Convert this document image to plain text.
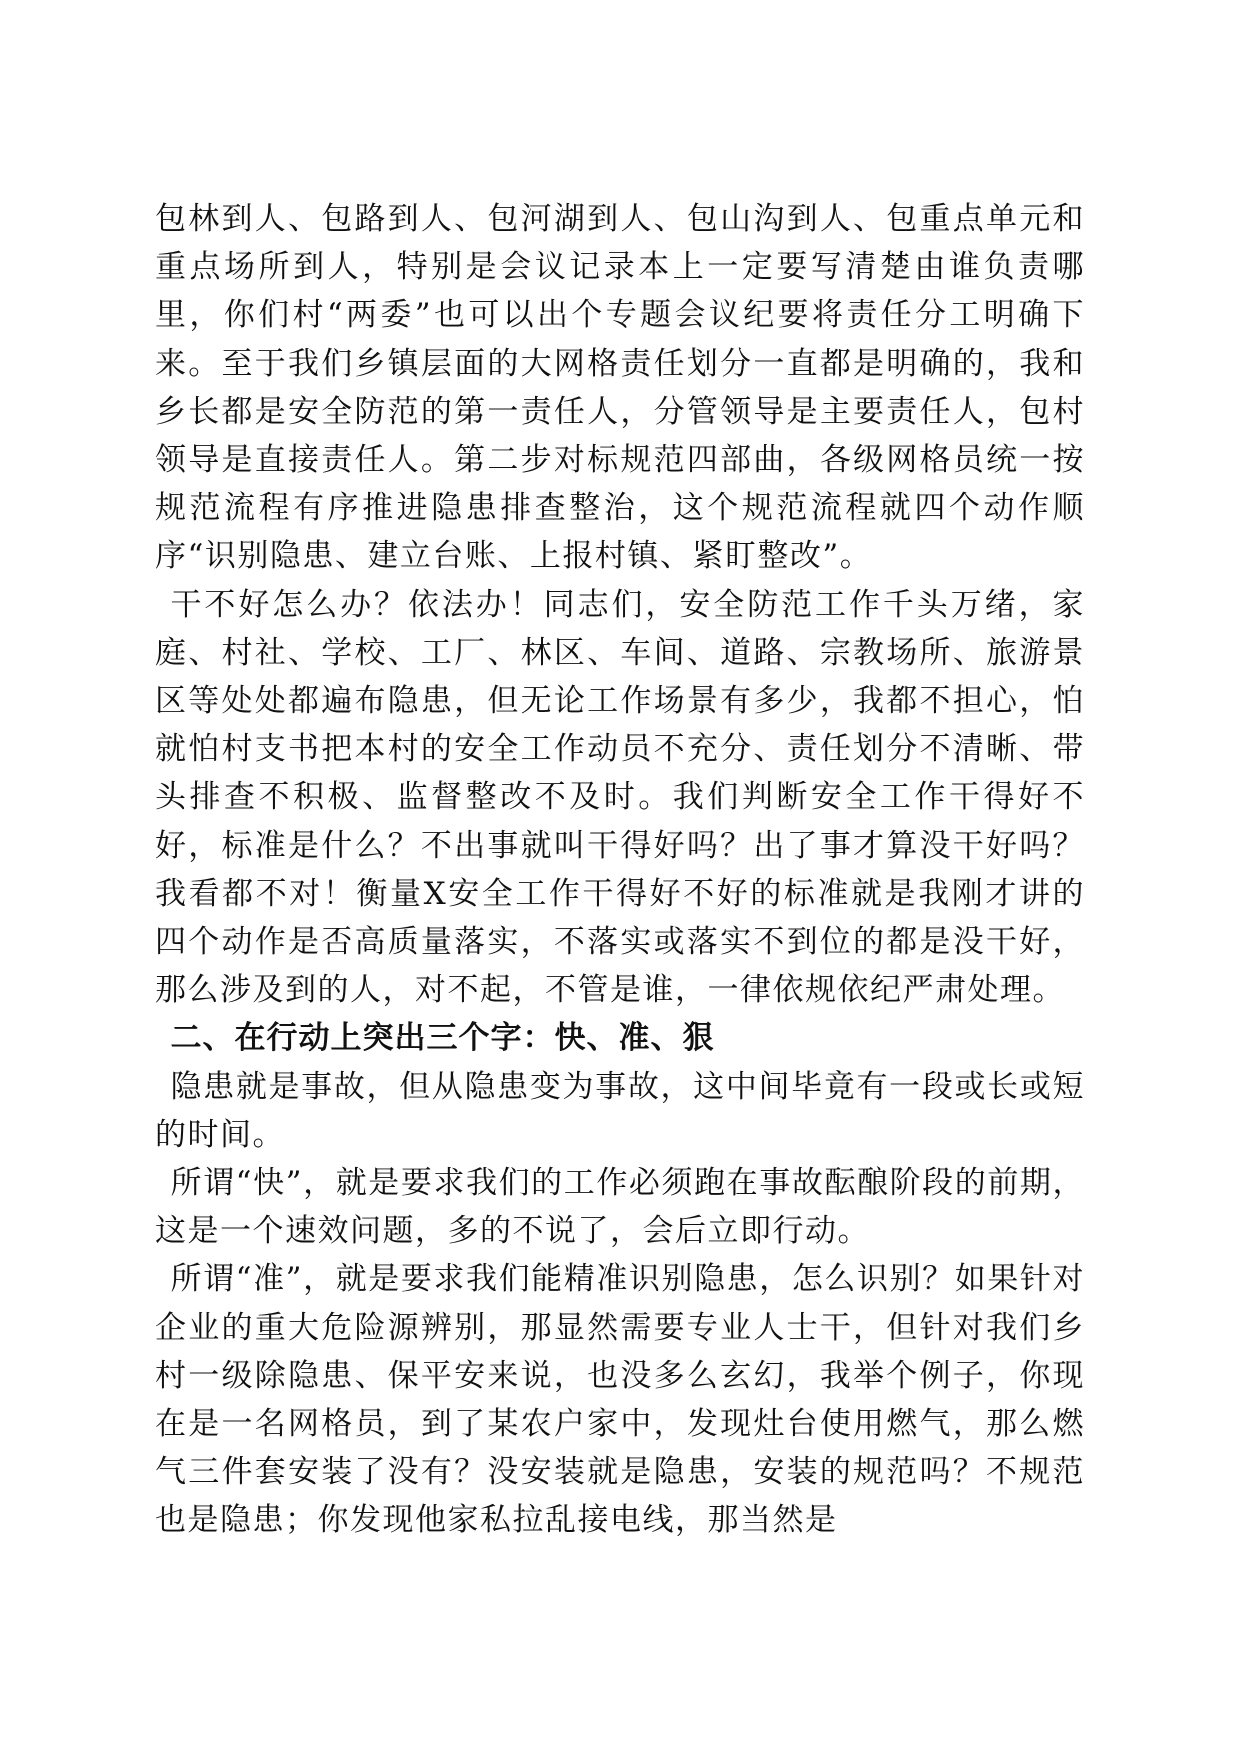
包林到人、包路到人、包河湖到人、包山沟到人、包重点单元和重点场所到人，特别是会议记录本上一定要写清楚由谁负责哪里，你们村“两委”也可以出个专题会议纪要将责任分工明确下来。至于我们乡镇层面的大网格责任划分一直都是明确的，我和乡长都是安全防范的第一责任人，分管领导是主要责任人，包村领导是直接责任人。第二步对标规范四部曲，各级网格员统一按规范流程有序推进隐患排查整治，这个规范流程就四个动作顺序“识别隐患、建立台账、上报村镇、紧盯整改”。

干不好怎么办？依法办！同志们，安全防范工作千头万绪，家庭、村社、学校、工厂、林区、车间、道路、宗教场所、旅游景区等处处都遍布隐患，但无论工作场景有多少，我都不担心，怕就怕村支书把本村的安全工作动员不充分、责任划分不清晰、带头排查不积极、监督整改不及时。我们判断安全工作干得好不好，标准是什么？不出事就叫干得好吗？出了事才算没干好吗？我看都不对！衡量X安全工作干得好不好的标准就是我刚才讲的四个动作是否高质量落实，不落实或落实不到位的都是没干好，那么涉及到的人，对不起，不管是谁，一律依规依纪严肃处理。

二、在行动上突出三个字：快、准、狠

隐患就是事故，但从隐患变为事故，这中间毕竟有一段或长或短的时间。

所谓“快”，就是要求我们的工作必须跑在事故酝酿阶段的前期，这是一个速效问题，多的不说了，会后立即行动。

所谓“准”，就是要求我们能精准识别隐患，怎么识别？如果针对企业的重大危险源辨别，那显然需要专业人士干，但针对我们乡村一级除隐患、保平安来说，也没多么玄幻，我举个例子，你现在是一名网格员，到了某农户家中，发现灶台使用燃气，那么燃气三件套安装了没有？没安装就是隐患，安装的规范吗？不规范也是隐患；你发现他家私拉乱接电线，那当然是
